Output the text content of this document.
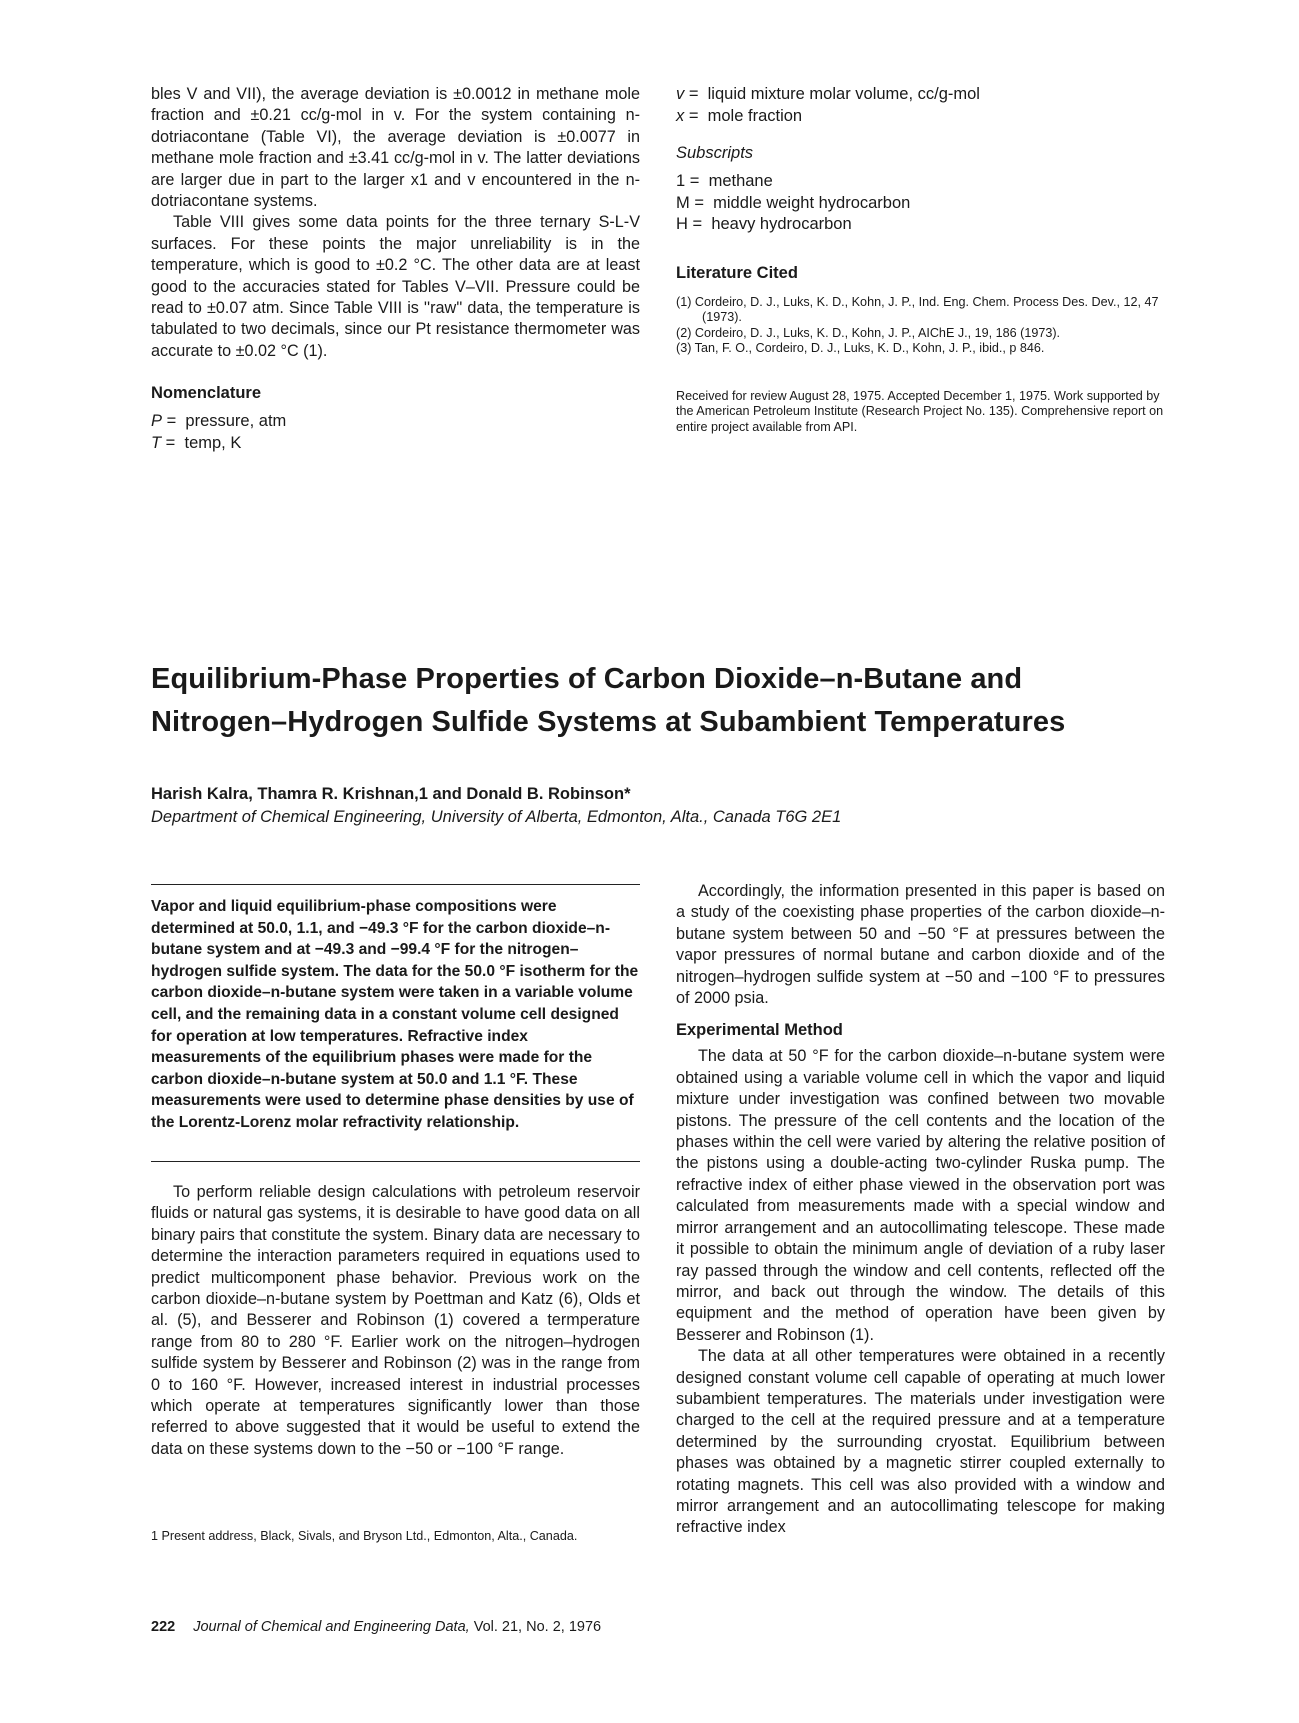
bles V and VII), the average deviation is ±0.0012 in methane mole fraction and ±0.21 cc/g-mol in v. For the system containing n-dotriacontane (Table VI), the average deviation is ±0.0077 in methane mole fraction and ±3.41 cc/g-mol in v. The latter deviations are larger due in part to the larger x1 and v encountered in the n-dotriacontane systems.

Table VIII gives some data points for the three ternary S-L-V surfaces. For these points the major unreliability is in the temperature, which is good to ±0.2 °C. The other data are at least good to the accuracies stated for Tables V–VII. Pressure could be read to ±0.07 atm. Since Table VIII is ''raw'' data, the temperature is tabulated to two decimals, since our Pt resistance thermometer was accurate to ±0.02 °C (1).

Nomenclature

P =  pressure, atm

T =  temp, K

v =  liquid mixture molar volume, cc/g-mol

x =  mole fraction

Subscripts

1 =  methane

M =  middle weight hydrocarbon

H =  heavy hydrocarbon

Literature Cited

(1) Cordeiro, D. J., Luks, K. D., Kohn, J. P., Ind. Eng. Chem. Process Des. Dev., 12, 47 (1973).

(2) Cordeiro, D. J., Luks, K. D., Kohn, J. P., AIChE J., 19, 186 (1973).

(3) Tan, F. O., Cordeiro, D. J., Luks, K. D., Kohn, J. P., ibid., p 846.

Received for review August 28, 1975. Accepted December 1, 1975. Work supported by the American Petroleum Institute (Research Project No. 135). Comprehensive report on entire project available from API.

Equilibrium-Phase Properties of Carbon Dioxide–n-Butane and
Nitrogen–Hydrogen Sulfide Systems at Subambient Temperatures

Harish Kalra, Thamra R. Krishnan,1 and Donald B. Robinson*

Department of Chemical Engineering, University of Alberta, Edmonton, Alta., Canada T6G 2E1

Vapor and liquid equilibrium-phase compositions were determined at 50.0, 1.1, and −49.3 °F for the carbon dioxide–n-butane system and at −49.3 and −99.4 °F for the nitrogen–hydrogen sulfide system. The data for the 50.0 °F isotherm for the carbon dioxide–n-butane system were taken in a variable volume cell, and the remaining data in a constant volume cell designed for operation at low temperatures. Refractive index measurements of the equilibrium phases were made for the carbon dioxide–n-butane system at 50.0 and 1.1 °F. These measurements were used to determine phase densities by use of the Lorentz-Lorenz molar refractivity relationship.

To perform reliable design calculations with petroleum reservoir fluids or natural gas systems, it is desirable to have good data on all binary pairs that constitute the system. Binary data are necessary to determine the interaction parameters required in equations used to predict multicomponent phase behavior. Previous work on the carbon dioxide–n-butane system by Poettman and Katz (6), Olds et al. (5), and Besserer and Robinson (1) covered a termperature range from 80 to 280 °F. Earlier work on the nitrogen–hydrogen sulfide system by Besserer and Robinson (2) was in the range from 0 to 160 °F. However, increased interest in industrial processes which operate at temperatures significantly lower than those referred to above suggested that it would be useful to extend the data on these systems down to the −50 or −100 °F range.

1 Present address, Black, Sivals, and Bryson Ltd., Edmonton, Alta., Canada.

Accordingly, the information presented in this paper is based on a study of the coexisting phase properties of the carbon dioxide–n-butane system between 50 and −50 °F at pressures between the vapor pressures of normal butane and carbon dioxide and of the nitrogen–hydrogen sulfide system at −50 and −100 °F to pressures of 2000 psia.

Experimental Method

The data at 50 °F for the carbon dioxide–n-butane system were obtained using a variable volume cell in which the vapor and liquid mixture under investigation was confined between two movable pistons. The pressure of the cell contents and the location of the phases within the cell were varied by altering the relative position of the pistons using a double-acting two-cylinder Ruska pump. The refractive index of either phase viewed in the observation port was calculated from measurements made with a special window and mirror arrangement and an autocollimating telescope. These made it possible to obtain the minimum angle of deviation of a ruby laser ray passed through the window and cell contents, reflected off the mirror, and back out through the window. The details of this equipment and the method of operation have been given by Besserer and Robinson (1).

The data at all other temperatures were obtained in a recently designed constant volume cell capable of operating at much lower subambient temperatures. The materials under investigation were charged to the cell at the required pressure and at a temperature determined by the surrounding cryostat. Equilibrium between phases was obtained by a magnetic stirrer coupled externally to rotating magnets. This cell was also provided with a window and mirror arrangement and an autocollimating telescope for making refractive index

222 Journal of Chemical and Engineering Data, Vol. 21, No. 2, 1976
